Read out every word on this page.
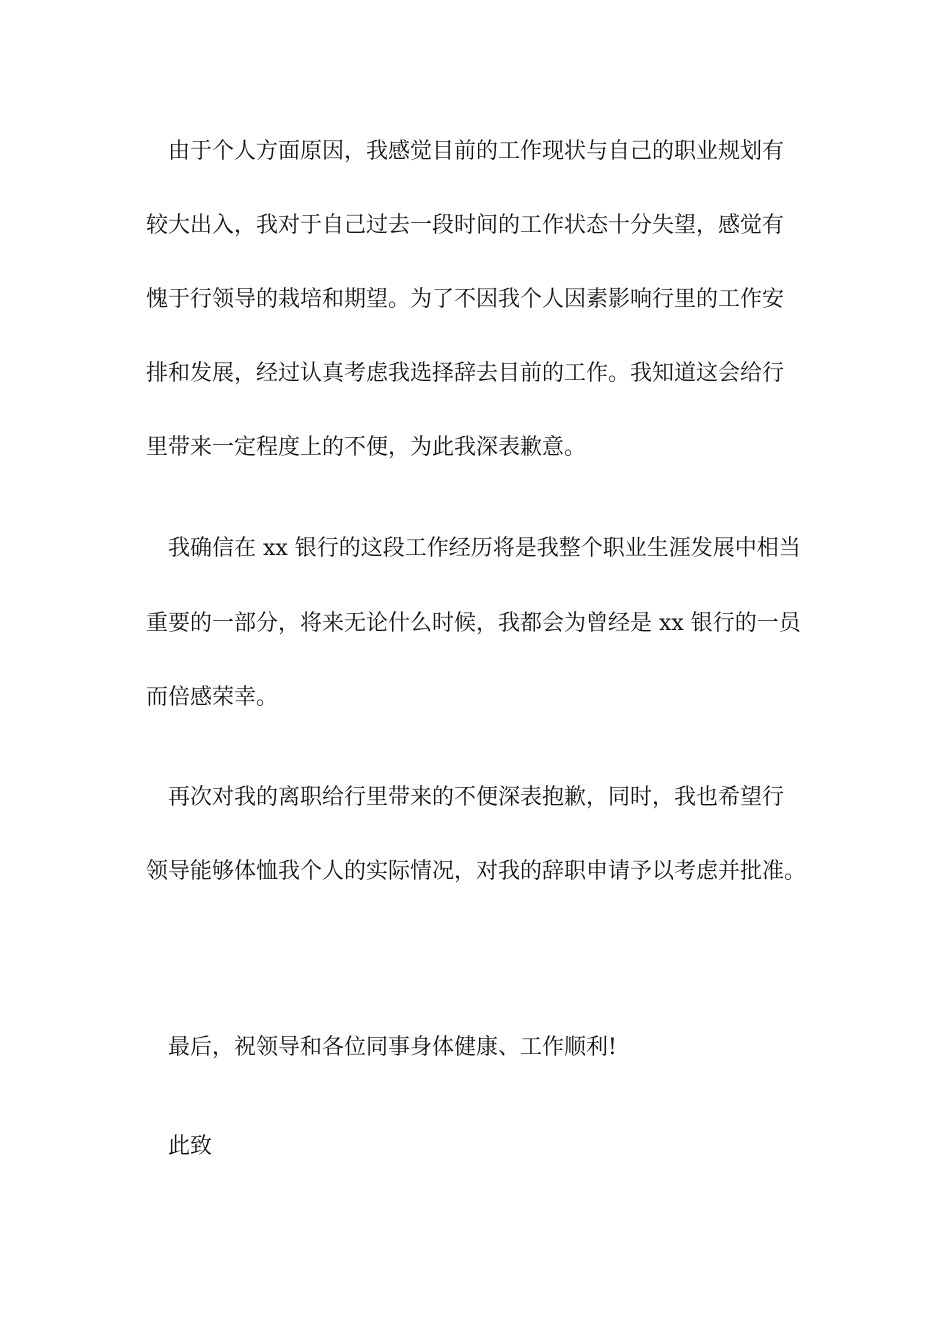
由于个人方面原因，我感觉目前的工作现状与自己的职业规划有
较大出入，我对于自己过去一段时间的工作状态十分失望，感觉有
愧于行领导的栽培和期望。为了不因我个人因素影响行里的工作安
排和发展，经过认真考虑我选择辞去目前的工作。我知道这会给行
里带来一定程度上的不便，为此我深表歉意。
我确信在 xx 银行的这段工作经历将是我整个职业生涯发展中相当
重要的一部分，将来无论什么时候，我都会为曾经是 xx 银行的一员
而倍感荣幸。
再次对我的离职给行里带来的不便深表抱歉，同时，我也希望行
领导能够体恤我个人的实际情况，对我的辞职申请予以考虑并批准。
最后，祝领导和各位同事身体健康、工作顺利!
此致
